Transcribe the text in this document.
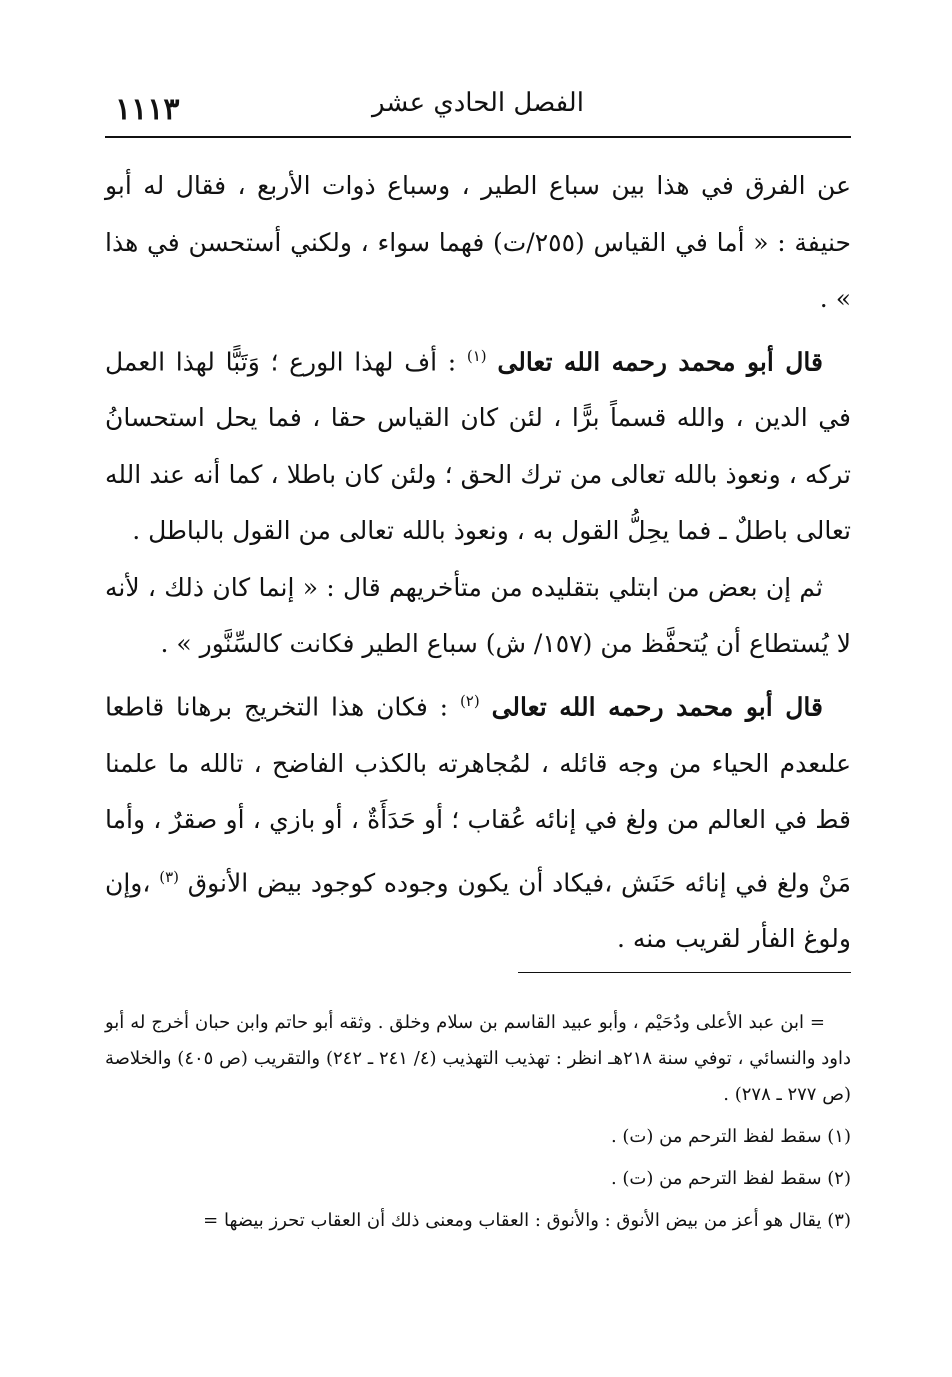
١١١٣	الفصل الحادي عشر

عن الفرق في هذا بين سباع الطير ، وسباع ذوات الأربع ، فقال له أبو حنيفة : « أما في القياس (٢٥٥/ت) فهما سواء ، ولكني أستحسن في هذا » .

قال أبو محمد رحمه الله تعالى $^{(١)}$ : أف لهذا الورع ؛ وَتَبًّا لهذا العمل في الدين ، والله قسماً برًّا ، لئن كان القياس حقا ، فما يحل استحسانُ تركه ، ونعوذ بالله تعالى من ترك الحق ؛ ولئن كان باطلا ، كما أنه عند الله تعالى باطلٌ ـ فما يحِلُّ القول به ، ونعوذ بالله تعالى من القول بالباطل .

ثم إن بعض من ابتلي بتقليده من متأخريهم قال : « إنما كان ذلك ، لأنه لا يُستطاع أن يُتحفَّظ من (١٥٧/ ش) سباع الطير فكانت كالسِّنَّور » .

قال أبو محمد رحمه الله تعالى $^{(٢)}$ : فكان هذا التخريج برهانا قاطعا علىعدم الحياء من وجه قائله ، لمُجاهرته بالكذب الفاضح ، تالله ما علمنا قط في العالم من ولغ في إنائه عُقاب ؛ أو حَدَأَةٌ ، أو بازي ، أو صقرٌ ، وأما مَنْ ولغ في إنائه حَنَش ،فيكاد أن يكون وجوده كوجود بيض الأنوق $^{(٣)}$ ،وإن ولوغ الفأر لقريب منه .

= ابن عبد الأعلى ودُحَيْم ، وأبو عبيد القاسم بن سلام وخلق . وثقه أبو حاتم وابن حبان أخرج له أبو داود والنسائي ، توفي سنة ٢١٨هـ انظر : تهذيب التهذيب (٤/ ٢٤١ ـ ٢٤٢) والتقريب (ص ٤٠٥) والخلاصة (ص ٢٧٧ ـ ٢٧٨) .

(١) سقط لفظ الترحم من (ت) .

(٢) سقط لفظ الترحم من (ت) .

(٣) يقال هو أعز من بيض الأنوق : والأنوق : العقاب ومعنى ذلك أن العقاب تحرز بيضها =
